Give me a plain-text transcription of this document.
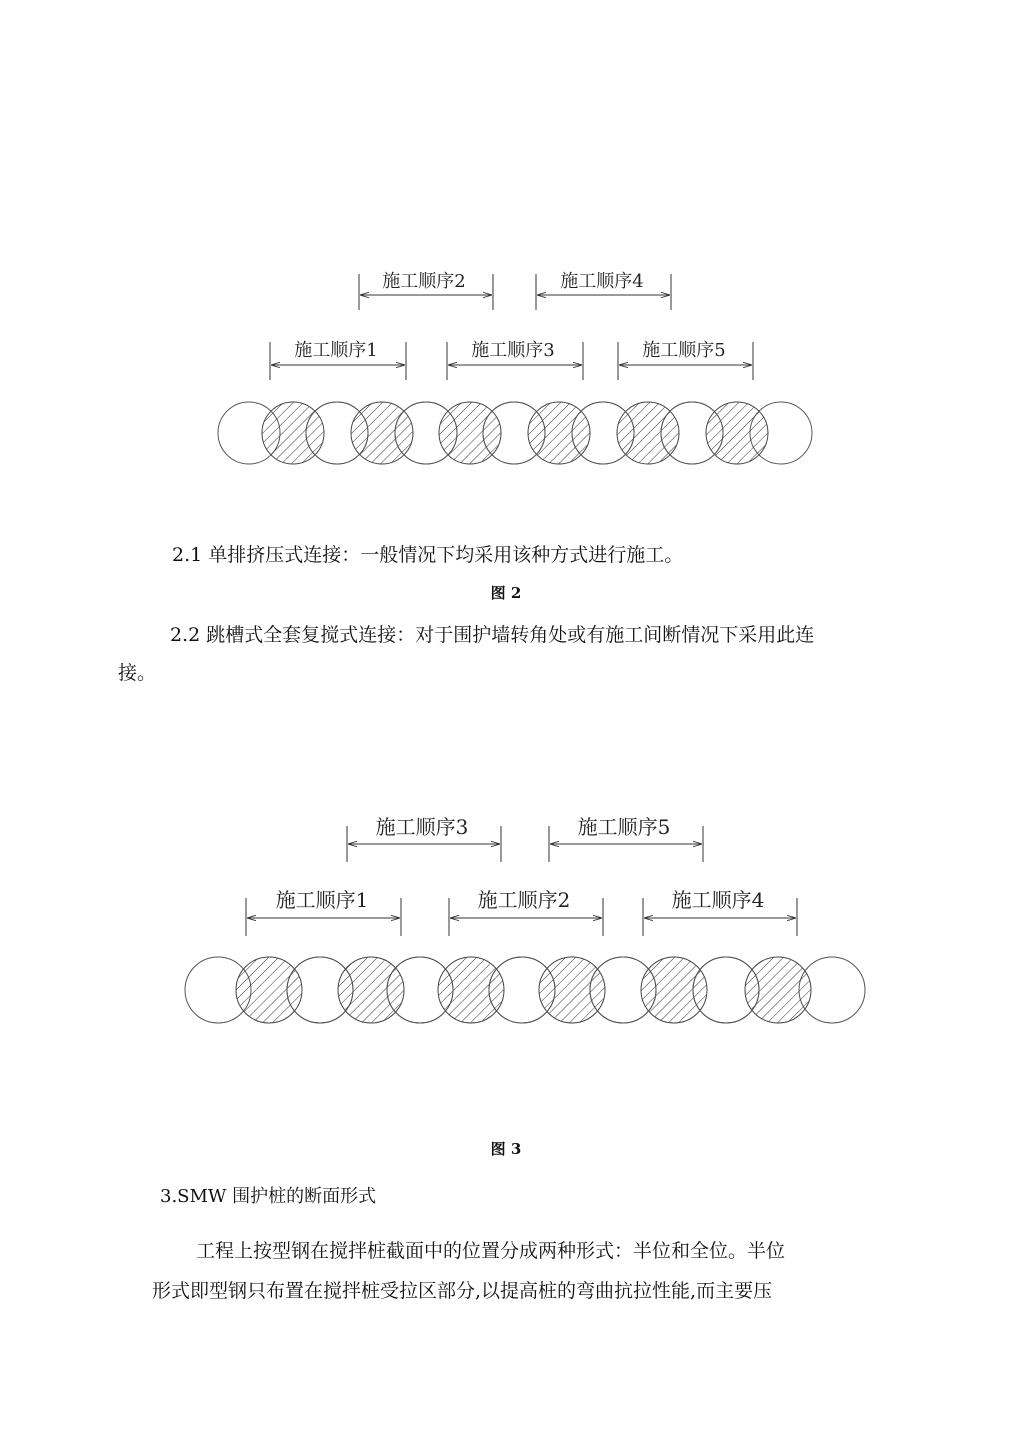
施工顺序2	施工顺序4
施工顺序1	施工顺序3	施工顺序5
2.1 单排挤压式连接：一般情况下均采用该种方式进行施工。
图 2
2.2 跳槽式全套复搅式连接：对于围护墙转角处或有施工间断情况下采用此连
接。
施工顺序3	施工顺序5
施工顺序1	施工顺序2	施工顺序4
图 3
3.SMW 围护桩的断面形式
工程上按型钢在搅拌桩截面中的位置分成两种形式：半位和全位。半位
形式即型钢只布置在搅拌桩受拉区部分,以提高桩的弯曲抗拉性能,而主要压
